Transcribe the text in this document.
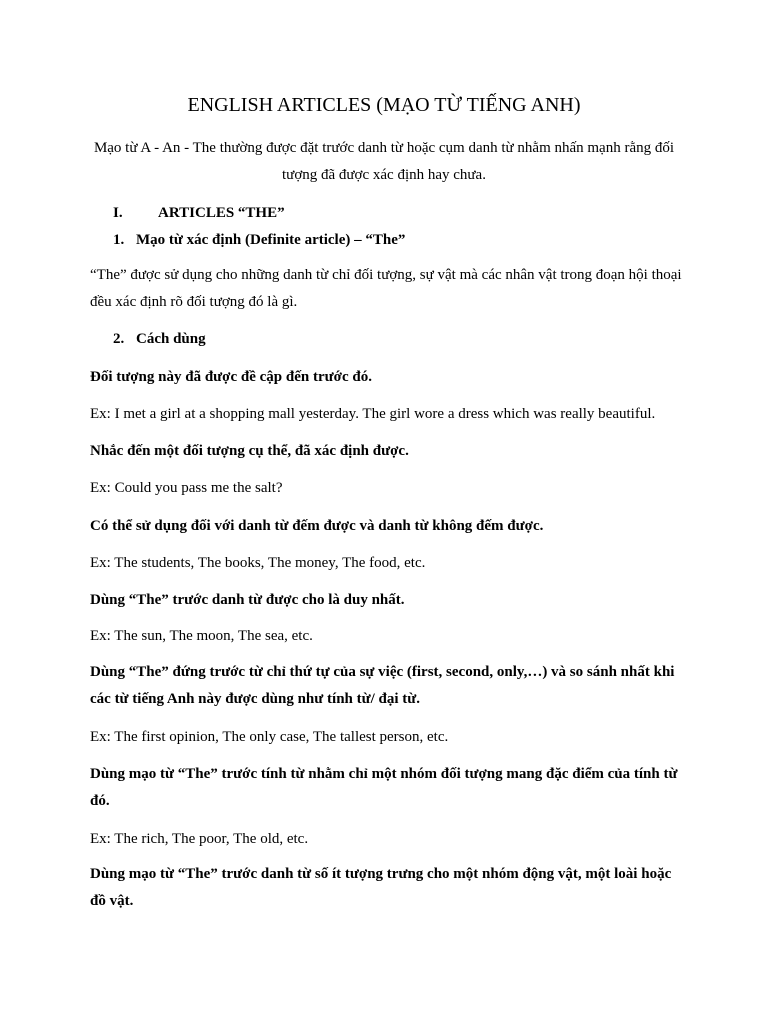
ENGLISH ARTICLES (MẠO TỪ TIẾNG ANH)

Mạo từ A - An - The thường được đặt trước danh từ hoặc cụm danh từ nhằm nhấn mạnh rằng đối tượng đã được xác định hay chưa.

I. ARTICLES “THE”
1. Mạo từ xác định (Definite article) – “The”

“The” được sử dụng cho những danh từ chỉ đối tượng, sự vật mà các nhân vật trong đoạn hội thoại đều xác định rõ đối tượng đó là gì.

2. Cách dùng
Đối tượng này đã được đề cập đến trước đó.
Ex: I met a girl at a shopping mall yesterday. The girl wore a dress which was really beautiful.
Nhắc đến một đối tượng cụ thể, đã xác định được.
Ex: Could you pass me the salt?
Có thể sử dụng đối với danh từ đếm được và danh từ không đếm được.
Ex: The students, The books, The money, The food, etc.
Dùng “The” trước danh từ được cho là duy nhất.
Ex: The sun, The moon, The sea, etc.

Dùng “The” đứng trước từ chỉ thứ tự của sự việc (first, second, only,…) và so sánh nhất khi các từ tiếng Anh này được dùng như tính từ/ đại từ.

Ex: The first opinion, The only case, The tallest person, etc.

Dùng mạo từ “The” trước tính từ nhằm chỉ một nhóm đối tượng mang đặc điểm của tính từ đó.

Ex: The rich, The poor, The old, etc.

Dùng mạo từ “The” trước danh từ số ít tượng trưng cho một nhóm động vật, một loài hoặc đồ vật.
